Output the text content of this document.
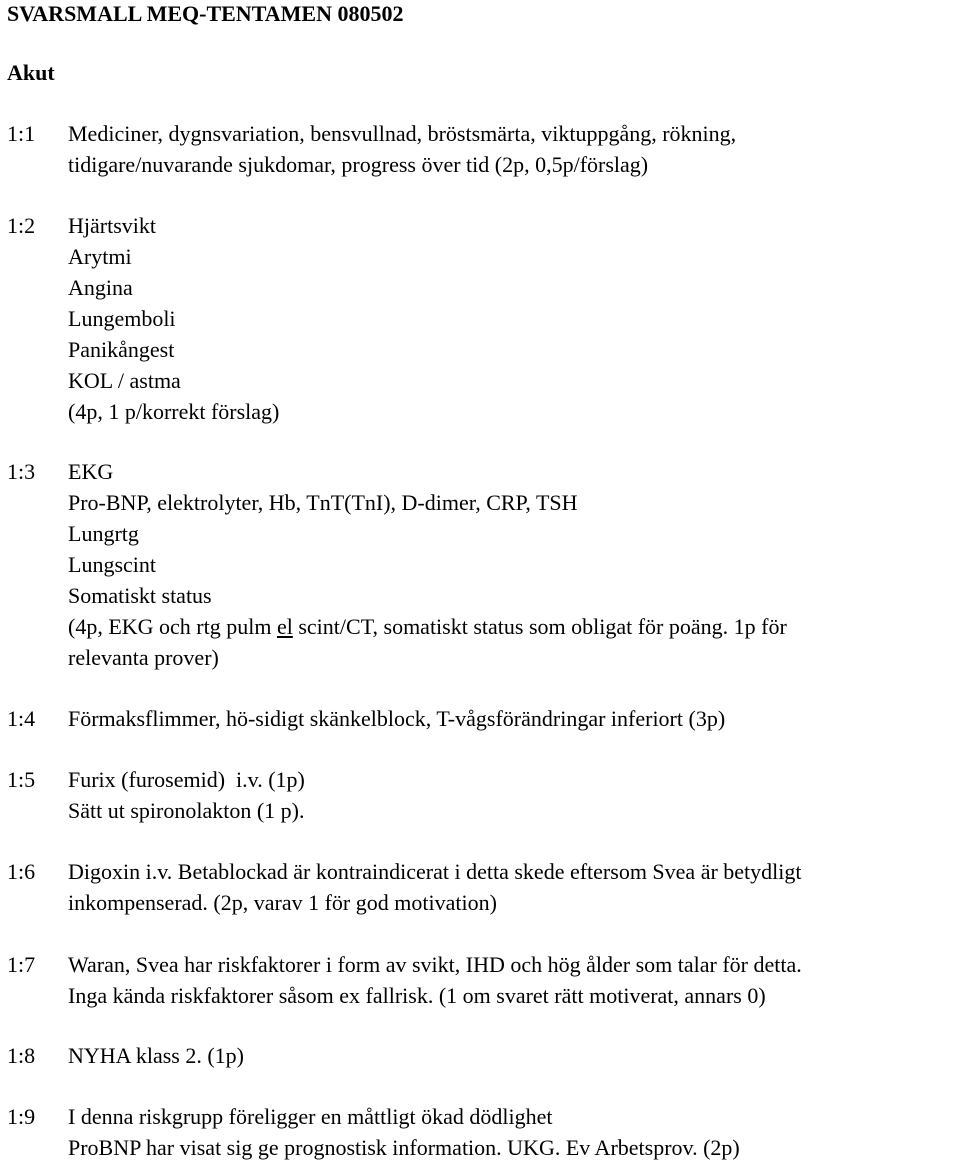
SVARSMALL MEQ-TENTAMEN 080502
Akut
1:1 Mediciner, dygnsvariation, bensvullnad, bröstsmärta, viktuppgång, rökning,
tidigare/nuvarande sjukdomar, progress över tid (2p, 0,5p/förslag)
1:2 Hjärtsvikt
Arytmi
Angina
Lungemboli
Panikångest
KOL / astma
(4p, 1 p/korrekt förslag)
1:3 EKG
Pro-BNP, elektrolyter, Hb, TnT(TnI), D-dimer, CRP, TSH
Lungrtg
Lungscint
Somatiskt status
(4p, EKG och rtg pulm el scint/CT, somatiskt status som obligat för poäng. 1p för
relevanta prover)
1:4 Förmaksflimmer, hö-sidigt skänkelblock, T-vågsförändringar inferiort (3p)
1:5 Furix (furosemid)  i.v. (1p)
Sätt ut spironolakton (1 p).
1:6 Digoxin i.v. Betablockad är kontraindicerat i detta skede eftersom Svea är betydligt
inkompenserad. (2p, varav 1 för god motivation)
1:7 Waran, Svea har riskfaktorer i form av svikt, IHD och hög ålder som talar för detta.
Inga kända riskfaktorer såsom ex fallrisk. (1 om svaret rätt motiverat, annars 0)
1:8 NYHA klass 2. (1p)
1:9 I denna riskgrupp föreligger en måttligt ökad dödlighet
ProBNP har visat sig ge prognostisk information. UKG. Ev Arbetsprov. (2p)
